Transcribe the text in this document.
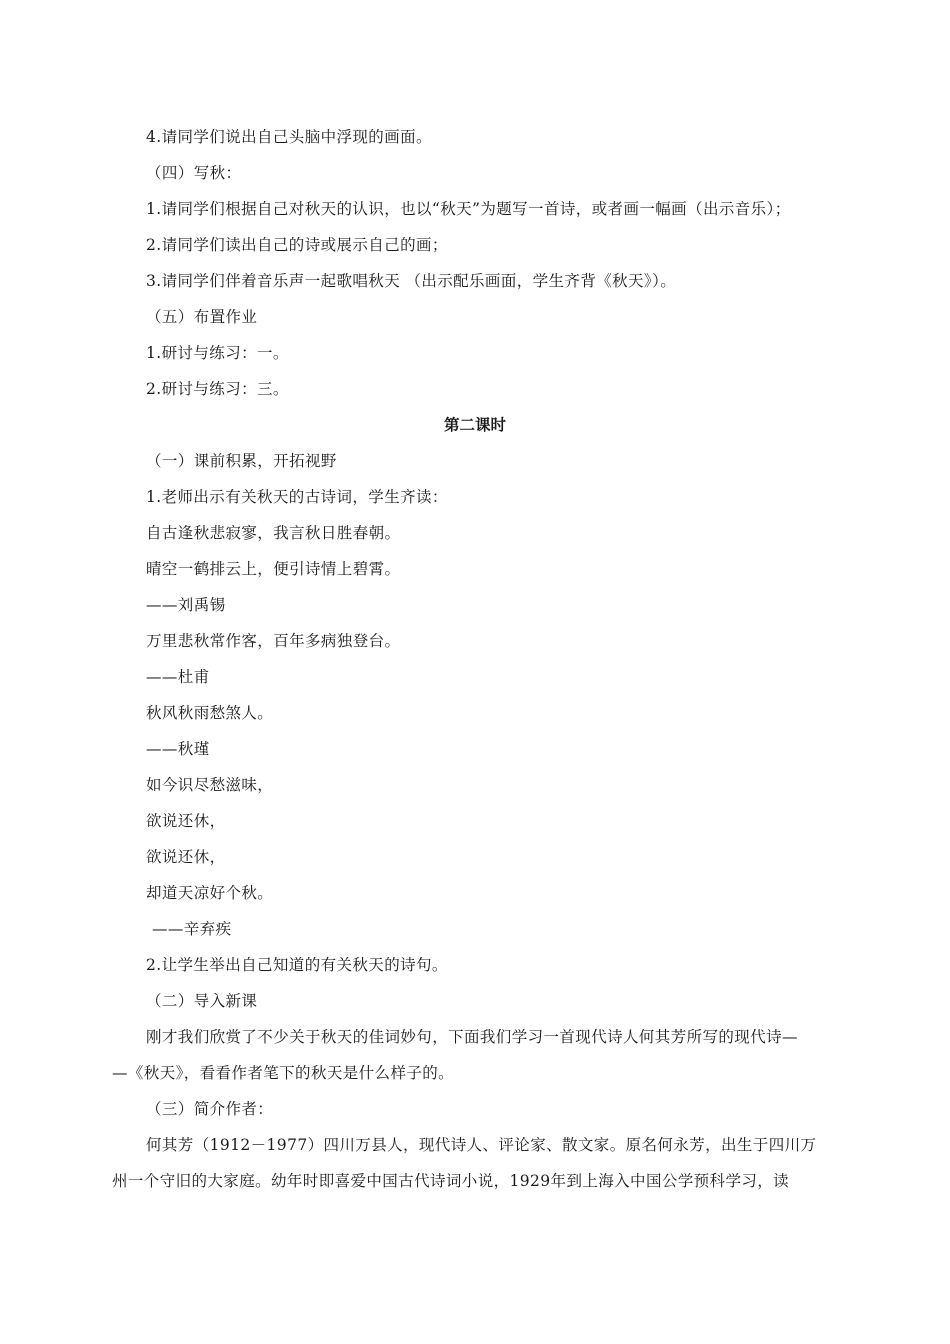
4.请同学们说出自己头脑中浮现的画面。
（四）写秋：
1.请同学们根据自己对秋天的认识，也以“秋天”为题写一首诗，或者画一幅画（出示音乐）；
2.请同学们读出自己的诗或展示自己的画；
3.请同学们伴着音乐声一起歌唱秋天 （出示配乐画面，学生齐背《秋天》）。
（五）布置作业
1.研讨与练习：一。
2.研讨与练习：三。
第二课时
（一）课前积累，开拓视野
1.老师出示有关秋天的古诗词，学生齐读：
自古逢秋悲寂寥，我言秋日胜春朝。
晴空一鹤排云上，便引诗情上碧霄。
——刘禹锡
万里悲秋常作客，百年多病独登台。
——杜甫
秋风秋雨愁煞人。
——秋瑾
如今识尽愁滋味，
欲说还休，
欲说还休，
却道天凉好个秋。
——辛弃疾
2.让学生举出自己知道的有关秋天的诗句。
（二）导入新课
刚才我们欣赏了不少关于秋天的佳词妙句，下面我们学习一首现代诗人何其芳所写的现代诗—
—《秋天》，看看作者笔下的秋天是什么样子的。
（三）简介作者：
何其芳（1912－1977）四川万县人，现代诗人、评论家、散文家。原名何永芳，出生于四川万
州一个守旧的大家庭。幼年时即喜爱中国古代诗词小说，1929年到上海入中国公学预科学习，读
